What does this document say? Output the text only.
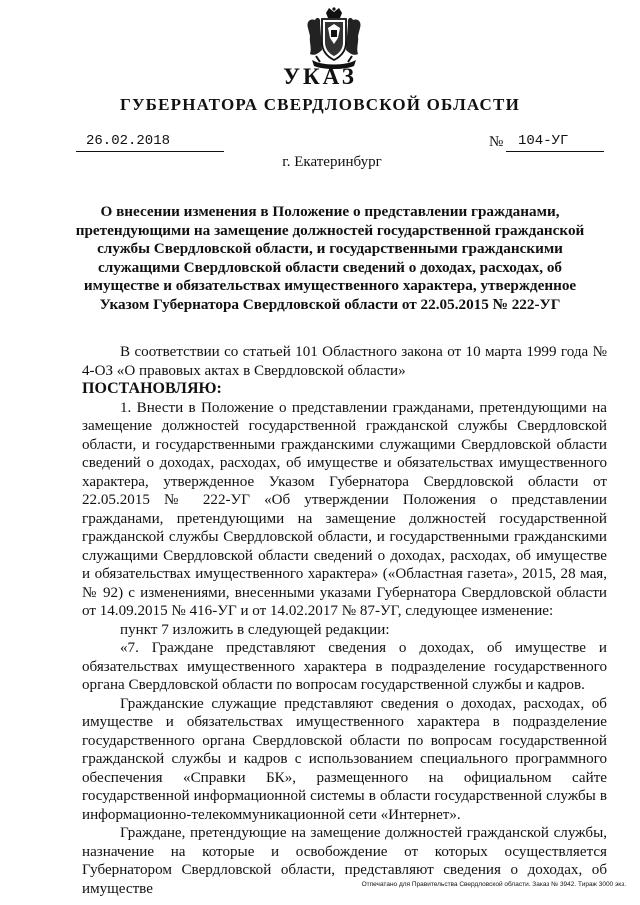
УКАЗ
ГУБЕРНАТОРА СВЕРДЛОВСКОЙ ОБЛАСТИ
26.02.2018	№	104-УГ
г. Екатеринбург
О внесении изменения в Положение о представлении гражданами, претендующими на замещение должностей государственной гражданской службы Свердловской области, и государственными гражданскими служащими Свердловской области сведений о доходах, расходах, об имуществе и обязательствах имущественного характера, утвержденное Указом Губернатора Свердловской области от 22.05.2015 № 222-УГ

В соответствии со статьей 101 Областного закона от 10 марта 1999 года № 4-ОЗ «О правовых актах в Свердловской области»

ПОСТАНОВЛЯЮ:

1. Внести в Положение о представлении гражданами, претендующими на замещение должностей государственной гражданской службы Свердловской области, и государственными гражданскими служащими Свердловской области сведений о доходах, расходах, об имуществе и обязательствах имущественного характера, утвержденное Указом Губернатора Свердловской области от 22.05.2015 № 222-УГ «Об утверждении Положения о представлении гражданами, претендующими на замещение должностей государственной гражданской службы Свердловской области, и государственными гражданскими служащими Свердловской области сведений о доходах, расходах, об имуществе и обязательствах имущественного характера» («Областная газета», 2015, 28 мая, № 92) с изменениями, внесенными указами Губернатора Свердловской области от 14.09.2015 № 416-УГ и от 14.02.2017 № 87-УГ, следующее изменение:

пункт 7 изложить в следующей редакции:

«7. Граждане представляют сведения о доходах, об имуществе и обязательствах имущественного характера в подразделение государственного органа Свердловской области по вопросам государственной службы и кадров.

Гражданские служащие представляют сведения о доходах, расходах, об имуществе и обязательствах имущественного характера в подразделение государственного органа Свердловской области по вопросам государственной гражданской службы и кадров с использованием специального программного обеспечения «Справки БК», размещенного на официальном сайте государственной информационной системы в области государственной службы в информационно-телекоммуникационной сети «Интернет».

Граждане, претендующие на замещение должностей гражданской службы, назначение на которые и освобождение от которых осуществляется Губернатором Свердловской области, представляют сведения о доходах, об имуществе	Отпечатано для Правительства Свердловской области. Заказ № 3942. Тираж 3000 экз.
